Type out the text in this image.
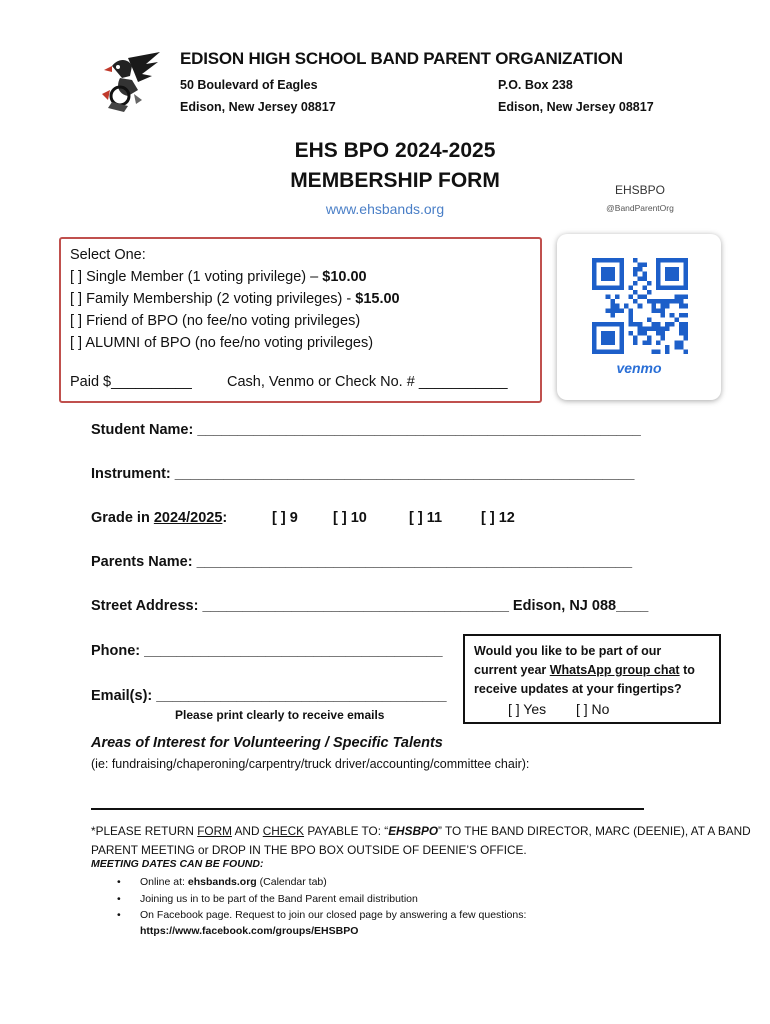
EDISON HIGH SCHOOL BAND PARENT ORGANIZATION
50 Boulevard of Eagles
Edison, New Jersey 08817
P.O. Box 238
Edison, New Jersey 08817
EHS BPO 2024-2025
MEMBERSHIP FORM
www.ehsbands.org
EHSBPO
@BandParentOrg
Select One:
[ ] Single Member (1 voting privilege) – $10.00
[ ] Family Membership (2 voting privileges) - $15.00
[ ] Friend of BPO (no fee/no voting privileges)
[ ] ALUMNI of BPO (no fee/no voting privileges)
Paid $__________ Cash, Venmo or Check No. # ___________
venmo
Student Name: _______________________________________________________
Instrument: _________________________________________________________
Grade in 2024/2025:	[ ] 9 [ ] 10	[ ] 11	[ ] 12
Parents Name: ______________________________________________________
Street Address: ______________________________________ Edison, NJ 088____
Phone: _____________________________________
Email(s): ____________________________________
Please print clearly to receive emails
Would you like to be part of our
current year WhatsApp group chat to
receive updates at your fingertips?
[ ] Yes [ ] No
Areas of Interest for Volunteering / Specific Talents
(ie: fundraising/chaperoning/carpentry/truck driver/accounting/committee chair):
*PLEASE RETURN FORM AND CHECK PAYABLE TO: “EHSBPO” TO THE BAND DIRECTOR, MARC (DEENIE), AT A BAND PARENT MEETING or DROP IN THE BPO BOX OUTSIDE OF DEENIE’S OFFICE.
MEETING DATES CAN BE FOUND:
• Online at: ehsbands.org (Calendar tab)
• Joining us in to be part of the Band Parent email distribution
• On Facebook page. Request to join our closed page by answering a few questions:
https://www.facebook.com/groups/EHSBPO
